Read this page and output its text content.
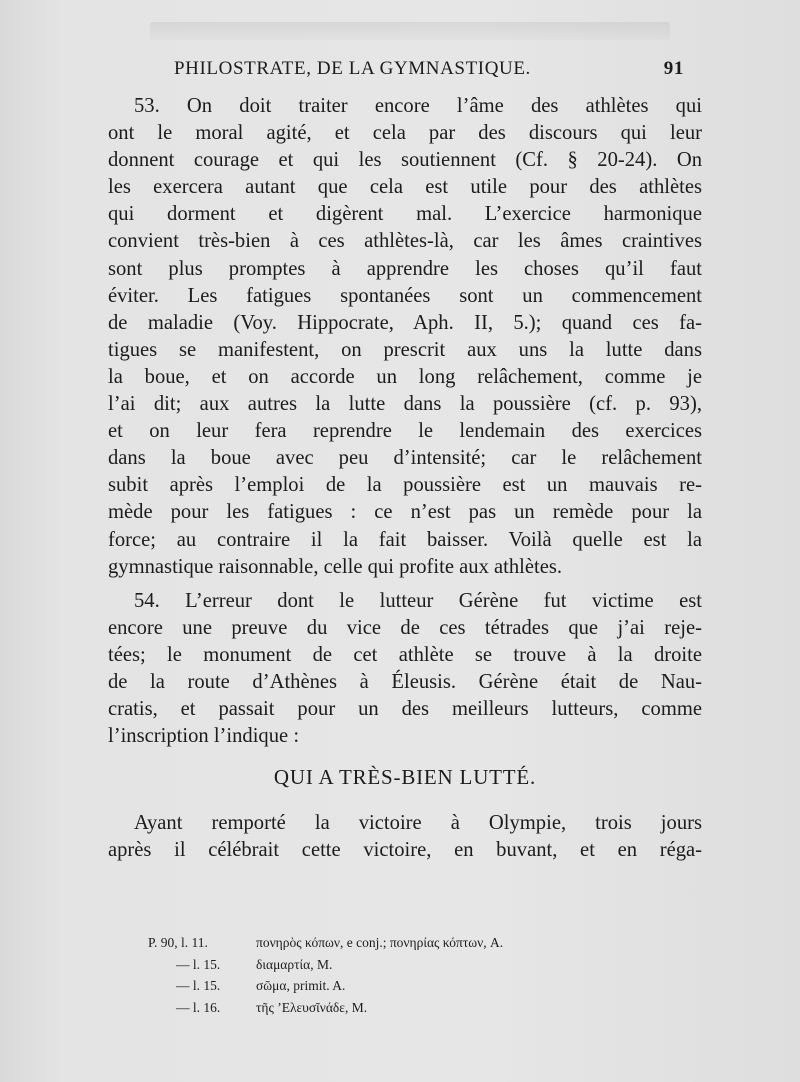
PHILOSTRATE, DE LA GYMNASTIQUE.	91
53. On doit traiter encore l’âme des athlètes qui
ont le moral agité, et cela par des discours qui leur
donnent courage et qui les soutiennent (Cf. § 20-24). On
les exercera autant que cela est utile pour des athlètes
qui dorment et digèrent mal. L’exercice harmonique
convient très-bien à ces athlètes-là, car les âmes craintives
sont plus promptes à apprendre les choses qu’il faut
éviter. Les fatigues spontanées sont un commencement
de maladie (Voy. Hippocrate, Aph. II, 5.); quand ces fa-
tigues se manifestent, on prescrit aux uns la lutte dans
la boue, et on accorde un long relâchement, comme je
l’ai dit; aux autres la lutte dans la poussière (cf. p. 93),
et on leur fera reprendre le lendemain des exercices
dans la boue avec peu d’intensité; car le relâchement
subit après l’emploi de la poussière est un mauvais re-
mède pour les fatigues : ce n’est pas un remède pour la
force; au contraire il la fait baisser. Voilà quelle est la
gymnastique raisonnable, celle qui profite aux athlètes.
54. L’erreur dont le lutteur Gérène fut victime est
encore une preuve du vice de ces tétrades que j’ai reje-
tées; le monument de cet athlète se trouve à la droite
de la route d’Athènes à Éleusis. Gérène était de Nau-
cratis, et passait pour un des meilleurs lutteurs, comme
l’inscription l’indique :
QUI A TRÈS-BIEN LUTTÉ.
Ayant remporté la victoire à Olympie, trois jours
après il célébrait cette victoire, en buvant, et en réga-
P. 90, l. 11.	πονηρὸς κόπων, e conj.; πονηρίας κόπτων, A.
— l. 15.	διαμαρτία, M.
— l. 15.	σῶμα, primit. A.
— l. 16.	τῆς ’Ελευσῖνάδε, M.
